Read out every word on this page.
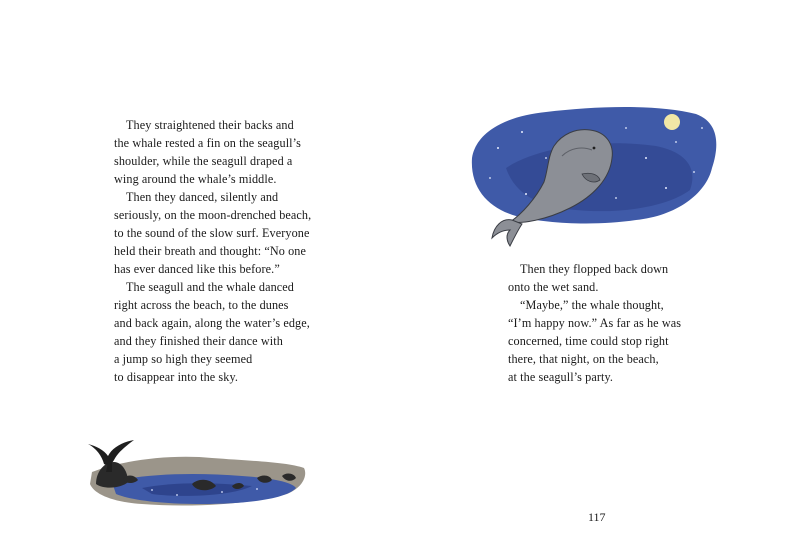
They straightened their backs and
the whale rested a fin on the seagull’s
shoulder, while the seagull draped a
wing around the whale’s middle.
Then they danced, silently and
seriously, on the moon-drenched beach,
to the sound of the slow surf. Everyone
held their breath and thought: “No one
has ever danced like this before.”
The seagull and the whale danced
right across the beach, to the dunes
and back again, along the water’s edge,
and they finished their dance with
a jump so high they seemed
to disappear into the sky.
Then they flopped back down
onto the wet sand.
“Maybe,” the whale thought,
“I’m happy now.” As far as he was
concerned, time could stop right
there, that night, on the beach,
at the seagull’s party.
117
